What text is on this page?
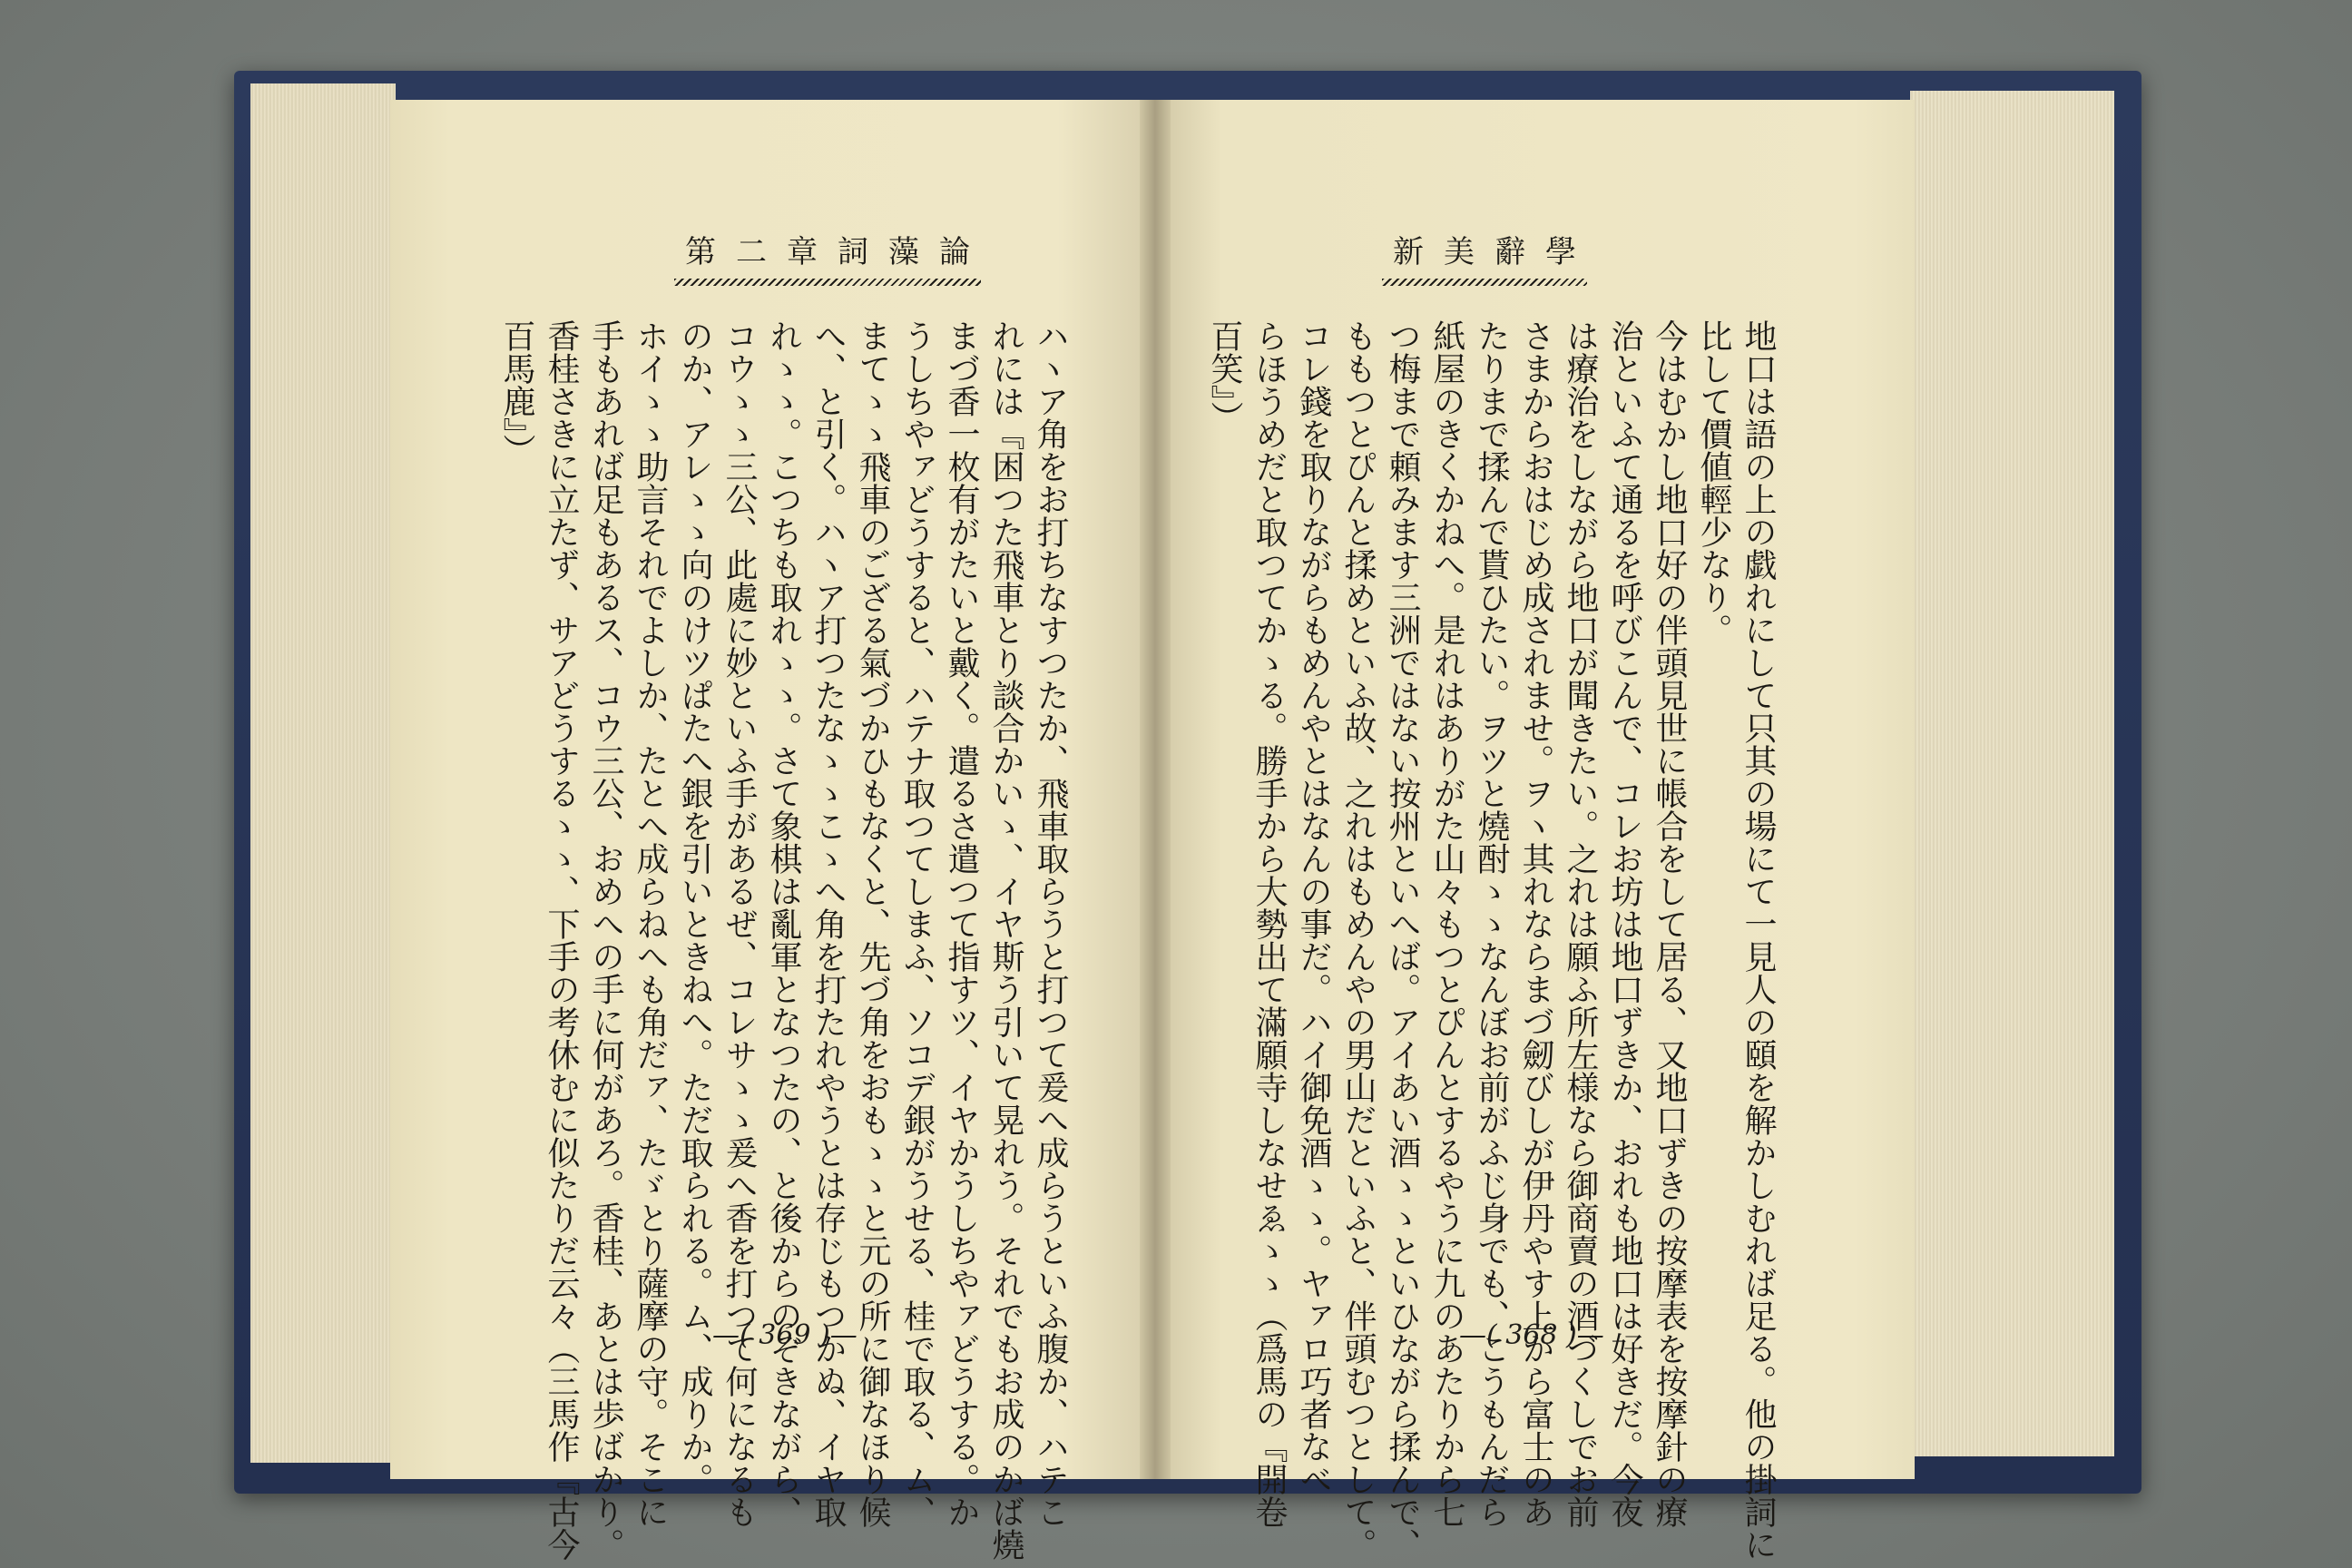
第二章詞藻論	新美辭學
ハヽア角をお打ちなすつたか、飛車取らうと打つて爰へ成らうといふ腹か、ハテこ
れには『困つた飛車とり談合かいゝ、イヤ斯う引いて晃れう。それでもお成のかば燒
まづ香一枚有がたいと戴く。遣るさ遣つて指すツ、イヤかうしちやァどうする。か
うしちやァどうすると、ハテナ取つてしまふ、ソコデ銀がうせる、桂で取る、ム、
まてゝゝ飛車のござる氣づかひもなくと、先づ角をおもゝゝと元の所に御なほり候
へ、と引く。ハヽア打つたなゝゝこゝへ角を打たれやうとは存じもつかぬ、イヤ取
れゝゝ。こつちも取れゝゝ。さて象棋は亂軍となつたの、と後からのぞきながら、
コウゝゝ三公、此處に妙といふ手があるぜ、コレサゝゝ爰へ香を打つて何になるも
のか、アレゝゝ向のけツぱたへ銀を引いときねへ。ただ取られる。ム、成りか。
ホイゝゝ助言それでよしか、たとへ成らねへも角だァ、たゞとり薩摩の守。そこに
手もあれば足もあるス、コウ三公、おめへの手に何があろ。香桂、あとは歩ばかり。
香桂さきに立たず、サアどうするゝゝ、下手の考休むに似たりだ云々（三馬作『古今
百馬鹿』）	地口は語の上の戯れにして只其の場にて一見人の頤を解かしむれば足る。他の掛詞に
比して價値輕少なり。
今はむかし地口好の伴頭見世に帳合をして居る、又地口ずきの按摩表を按摩針の療
治といふて通るを呼びこんで、コレお坊は地口ずきか、おれも地口は好きだ。今夜
は療治をしながら地口が聞きたい。之れは願ふ所左様なら御商賣の酒づくしでお前
さまからおはじめ成されませ。ヲヽ其れならまづ劒びしが伊丹やす上から富士のあ
たりまで揉んで貰ひたい。ヲツと燒酎ゝゝなんぼお前がふじ身でも、こうもんだら
紙屋のきくかねへ。是れはありがた山々もつとぴんとするやうに九のあたりから七
つ梅まで頼みます三洲ではない按州といへば。アイあい酒ゝゝといひながら揉んで、
ももつとぴんと揉めといふ故、之れはもめんやの男山だといふと、伴頭むつとして。
コレ錢を取りながらもめんやとはなんの事だ。ハイ御免酒ゝゝ。ヤァロ巧者なべ
らほうめだと取つてかゝる。勝手から大勢出て滿願寺しなせゑゝゝ（爲馬の『開卷
百笑』）
—( 369 )—	—( 368 )—
